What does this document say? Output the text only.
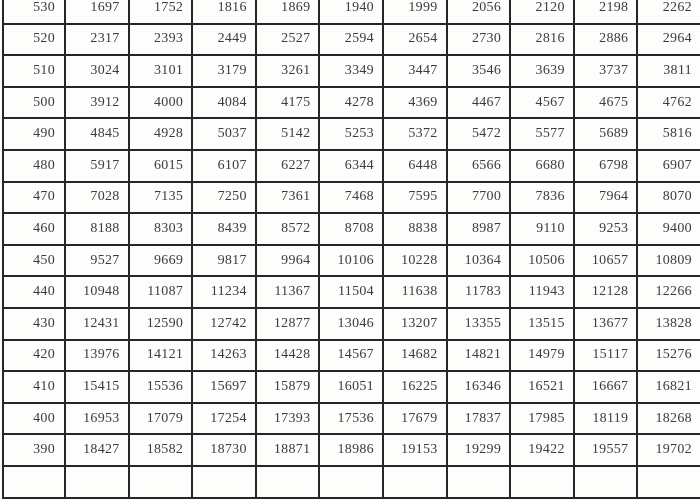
530	1697	1752	1816	1869	1940	1999	2056	2120	2198	2262
520	2317	2393	2449	2527	2594	2654	2730	2816	2886	2964
510	3024	3101	3179	3261	3349	3447	3546	3639	3737	3811
500	3912	4000	4084	4175	4278	4369	4467	4567	4675	4762
490	4845	4928	5037	5142	5253	5372	5472	5577	5689	5816
480	5917	6015	6107	6227	6344	6448	6566	6680	6798	6907
470	7028	7135	7250	7361	7468	7595	7700	7836	7964	8070
460	8188	8303	8439	8572	8708	8838	8987	9110	9253	9400
450	9527	9669	9817	9964	10106	10228	10364	10506	10657	10809
440	10948	11087	11234	11367	11504	11638	11783	11943	12128	12266
430	12431	12590	12742	12877	13046	13207	13355	13515	13677	13828
420	13976	14121	14263	14428	14567	14682	14821	14979	15117	15276
410	15415	15536	15697	15879	16051	16225	16346	16521	16667	16821
400	16953	17079	17254	17393	17536	17679	17837	17985	18119	18268
390	18427	18582	18730	18871	18986	19153	19299	19422	19557	19702
